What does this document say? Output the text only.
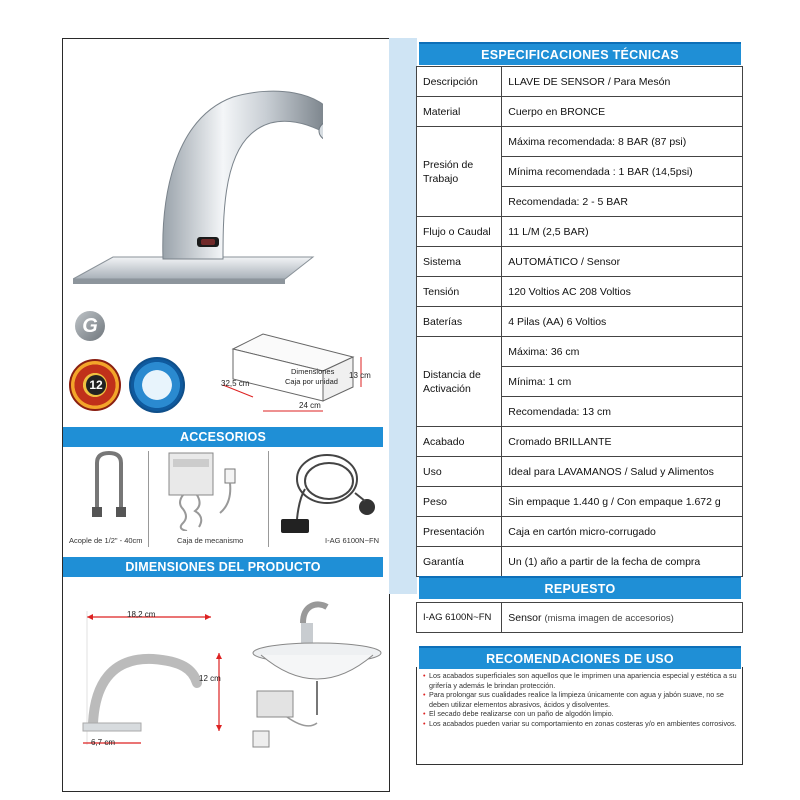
G
12
Dimensiones
Caja por unidad
32,5 cm
24 cm
13 cm
ACCESORIOS
Acople de 1/2" - 40cm	Caja de mecanismo	I-AG 6100N~FN
DIMENSIONES DEL PRODUCTO
18,2 cm
12 cm
6,7 cm
ESPECIFICACIONES TÉCNICAS
Descripción	LLAVE DE SENSOR / Para Mesón
Material	Cuerpo en BRONCE
Presión de Trabajo	Máxima recomendada: 8 BAR (87 psi)
	Mínima recomendada : 1 BAR (14,5psi)
	Recomendada: 2 - 5 BAR
Flujo o Caudal	11 L/M (2,5 BAR)
Sistema	AUTOMÁTICO / Sensor
Tensión	120 Voltios AC 208 Voltios
Baterías	4 Pilas (AA) 6 Voltios
Distancia de Activación	Máxima: 36 cm
	Mínima: 1 cm
	Recomendada: 13 cm
Acabado	Cromado BRILLANTE
Uso	Ideal para LAVAMANOS / Salud y Alimentos
Peso	Sin empaque 1.440 g / Con empaque 1.672 g
Presentación	Caja en cartón micro-corrugado
Garantía	Un (1) año a partir de la fecha de compra
REPUESTO
I-AG 6100N~FN	Sensor (misma imagen de accesorios)
RECOMENDACIONES DE USO
• Los acabados superficiales son aquellos que le imprimen una apariencia especial y estética a su grifería y además le brindan protección.
• Para prolongar sus cualidades realice la limpieza únicamente con agua y jabón suave, no se deben utilizar elementos abrasivos, ácidos y disolventes.
• El secado debe realizarse con un paño de algodón limpio.
• Los acabados pueden variar su comportamiento en zonas costeras y/o en ambientes corrosivos.
